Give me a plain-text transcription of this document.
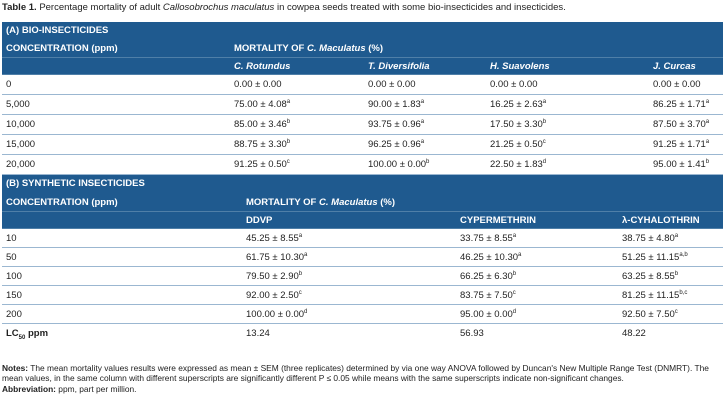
Table 1. Percentage mortality of adult Callosobrochus maculatus in cowpea seeds treated with some bio-insecticides and insecticides.
(A) BIO-INSECTICIDES
CONCENTRATION (ppm)	MORTALITY OF C. Maculatus (%)
C. Rotundus	T. Diversifolia	H. Suavolens	J. Curcas
0	0.00 ± 0.00	0.00 ± 0.00	0.00 ± 0.00	0.00 ± 0.00
5,000	75.00 ± 4.08$^a$	90.00 ± 1.83$^a$	16.25 ± 2.63$^a$	86.25 ± 1.71$^a$
10,000	85.00 ± 3.46$^b$	93.75 ± 0.96$^a$	17.50 ± 3.30$^b$	87.50 ± 3.70$^a$
15,000	88.75 ± 3.30$^b$	96.25 ± 0.96$^a$	21.25 ± 0.50$^c$	91.25 ± 1.71$^a$
20,000	91.25 ± 0.50$^c$	100.00 ± 0.00$^b$	22.50 ± 1.83$^d$	95.00 ± 1.41$^b$
(B) SYNTHETIC INSECTICIDES
CONCENTRATION (ppm)	MORTALITY OF C. Maculatus (%)
DDVP	CYPERMETHRIN	λ-CYHALOTHRIN
10	45.25 ± 8.55$^a$	33.75 ± 8.55$^a$	38.75 ± 4.80$^a$
50	61.75 ± 10.30$^a$	46.25 ± 10.30$^a$	$51.25 \pm 11.15^{a,b}$
100	79.50 ± 2.90$^b$	66.25 ± 6.30$^b$	63.25 ± 8.55$^b$
150	92.00 ± 2.50$^c$	83.75 ± 7.50$^c$	$81.25 \pm 11.15^{b,c}$
200	100.00 ± 0.00$^d$	95.00 ± 0.00$^d$	92.50 ± 7.50$^c$
$LC_{50}$ ppm	13.24	56.93	48.22
Notes: The mean mortality values results were expressed as mean ± SEM (three replicates) determined by via one way ANOVA followed by Duncan's New Multiple Range Test (DNMRT). The mean values, in the same column with different superscripts are significantly different P ≤ 0.05 while means with the same superscripts indicate non-significant changes.
Abbreviation: ppm, part per million.
